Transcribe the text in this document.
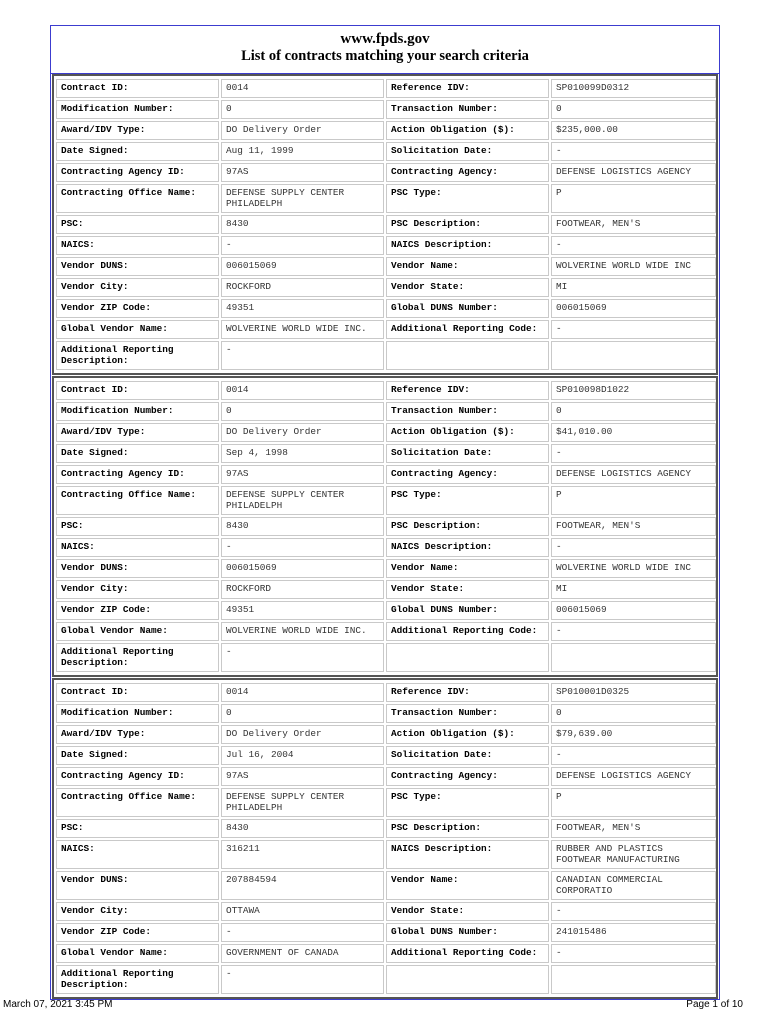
www.fpds.gov
List of contracts matching your search criteria
Contract ID:	0014	Reference IDV:	SP010099D0312
Modification Number:	0	Transaction Number:	0
Award/IDV Type:	DO Delivery Order	Action Obligation ($):	$235,000.00
Date Signed:	Aug 11, 1999	Solicitation Date:	-
Contracting Agency ID:	97AS	Contracting Agency:	DEFENSE LOGISTICS AGENCY
Contracting Office Name:	DEFENSE SUPPLY CENTER PHILADELPH	PSC Type:	P
PSC:	8430	PSC Description:	FOOTWEAR, MEN'S
NAICS:	-	NAICS Description:	-
Vendor DUNS:	006015069	Vendor Name:	WOLVERINE WORLD WIDE INC
Vendor City:	ROCKFORD	Vendor State:	MI
Vendor ZIP Code:	49351	Global DUNS Number:	006015069
Global Vendor Name:	WOLVERINE WORLD WIDE INC.	Additional Reporting Code:	-
Additional Reporting Description:	-		
Contract ID:	0014	Reference IDV:	SP010098D1022
Modification Number:	0	Transaction Number:	0
Award/IDV Type:	DO Delivery Order	Action Obligation ($):	$41,010.00
Date Signed:	Sep 4, 1998	Solicitation Date:	-
Contracting Agency ID:	97AS	Contracting Agency:	DEFENSE LOGISTICS AGENCY
Contracting Office Name:	DEFENSE SUPPLY CENTER PHILADELPH	PSC Type:	P
PSC:	8430	PSC Description:	FOOTWEAR, MEN'S
NAICS:	-	NAICS Description:	-
Vendor DUNS:	006015069	Vendor Name:	WOLVERINE WORLD WIDE INC
Vendor City:	ROCKFORD	Vendor State:	MI
Vendor ZIP Code:	49351	Global DUNS Number:	006015069
Global Vendor Name:	WOLVERINE WORLD WIDE INC.	Additional Reporting Code:	-
Additional Reporting Description:	-		
Contract ID:	0014	Reference IDV:	SP010001D0325
Modification Number:	0	Transaction Number:	0
Award/IDV Type:	DO Delivery Order	Action Obligation ($):	$79,639.00
Date Signed:	Jul 16, 2004	Solicitation Date:	-
Contracting Agency ID:	97AS	Contracting Agency:	DEFENSE LOGISTICS AGENCY
Contracting Office Name:	DEFENSE SUPPLY CENTER PHILADELPH	PSC Type:	P
PSC:	8430	PSC Description:	FOOTWEAR, MEN'S
NAICS:	316211	NAICS Description:	RUBBER AND PLASTICS FOOTWEAR MANUFACTURING
Vendor DUNS:	207884594	Vendor Name:	CANADIAN COMMERCIAL CORPORATIO
Vendor City:	OTTAWA	Vendor State:	-
Vendor ZIP Code:	-	Global DUNS Number:	241015486
Global Vendor Name:	GOVERNMENT OF CANADA	Additional Reporting Code:	-
Additional Reporting Description:	-		
March 07, 2021 3:45 PM	Page 1 of 10
